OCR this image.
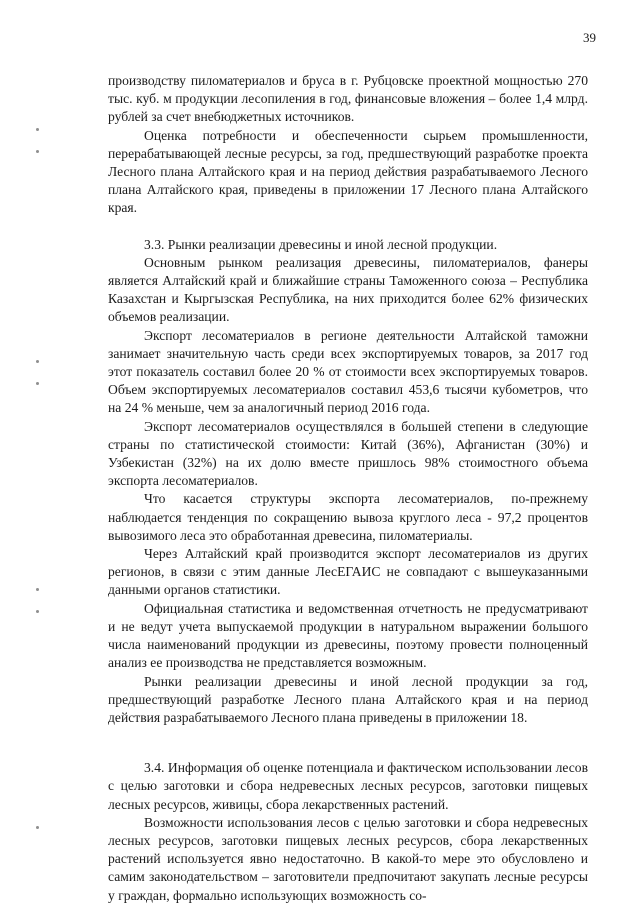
39

производству пиломатериалов и бруса в г. Рубцовске проектной мощностью 270 тыс. куб. м продукции лесопиления в год, финансовые вложения – более 1,4 млрд. рублей за счет внебюджетных источников.

Оценка потребности и обеспеченности сырьем промышленности, перерабатывающей лесные ресурсы, за год, предшествующий разработке проекта Лесного плана Алтайского края и на период действия разрабатываемого Лесного плана Алтайского края, приведены в приложении 17 Лесного плана Алтайского края.

3.3. Рынки реализации древесины и иной лесной продукции.

Основным рынком реализация древесины, пиломатериалов, фанеры является Алтайский край и ближайшие страны Таможенного союза – Республика Казахстан и Кыргызская Республика, на них приходится более 62% физических объемов реализации.

Экспорт лесоматериалов в регионе деятельности Алтайской таможни занимает значительную часть среди всех экспортируемых товаров, за 2017 год этот показатель составил более 20 % от стоимости всех экспортируемых товаров. Объем экспортируемых лесоматериалов составил 453,6 тысячи кубометров, что на 24 % меньше, чем за аналогичный период 2016 года.

Экспорт лесоматериалов осуществлялся в большей степени в следующие страны по статистической стоимости: Китай (36%), Афганистан (30%) и Узбекистан (32%) на их долю вместе пришлось 98% стоимостного объема экспорта лесоматериалов.

Что касается структуры экспорта лесоматериалов, по-прежнему наблюдается тенденция по сокращению вывоза круглого леса - 97,2 процентов вывозимого леса это обработанная древесина, пиломатериалы.

Через Алтайский край производится экспорт лесоматериалов из других регионов, в связи с этим данные ЛесЕГАИС не совпадают с вышеуказанными данными органов статистики.

Официальная статистика и ведомственная отчетность не предусматривают и не ведут учета выпускаемой продукции в натуральном выражении большого числа наименований продукции из древесины, поэтому провести полноценный анализ ее производства не представляется возможным.

Рынки реализации древесины и иной лесной продукции за год, предшествующий разработке Лесного плана Алтайского края и на период действия разрабатываемого Лесного плана приведены в приложении 18.

3.4. Информация об оценке потенциала и фактическом использовании лесов с целью заготовки и сбора недревесных лесных ресурсов, заготовки пищевых лесных ресурсов, живицы, сбора лекарственных растений.

Возможности использования лесов с целью заготовки и сбора недревесных лесных ресурсов, заготовки пищевых лесных ресурсов, сбора лекарственных растений используется явно недостаточно. В какой-то мере это обусловлено и самим законодательством – заготовители предпочитают закупать лесные ресурсы у граждан, формально использующих возможность со-
